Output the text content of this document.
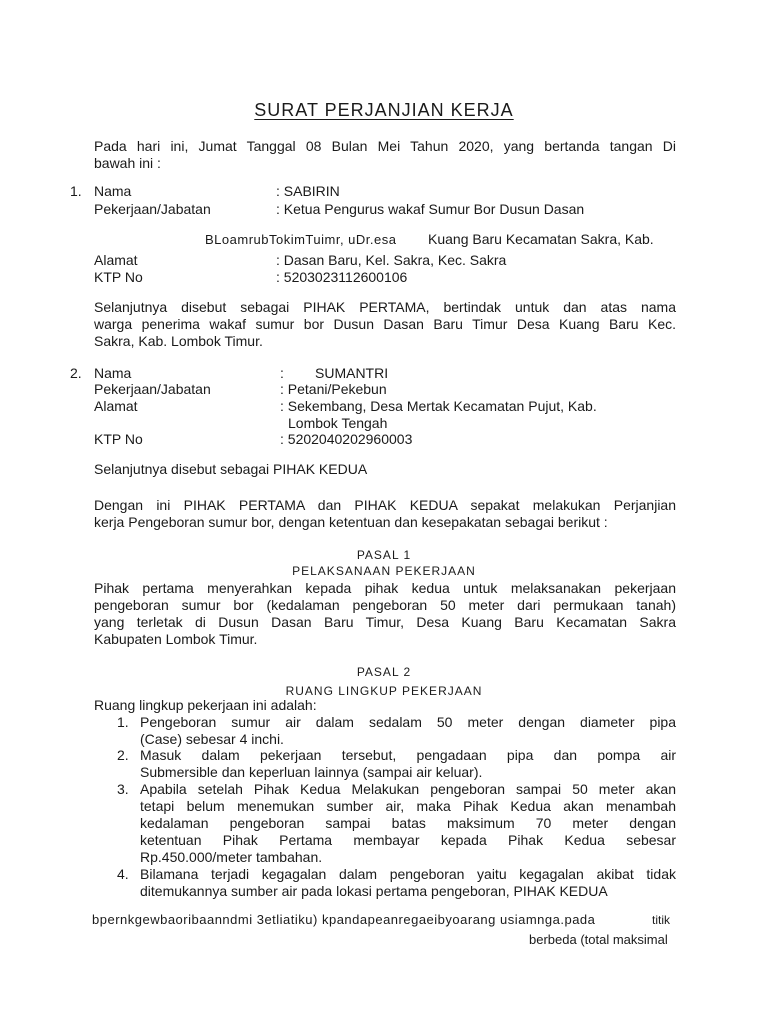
SURAT PERJANJIAN KERJA
Pada hari ini, Jumat Tanggal 08 Bulan Mei Tahun 2020, yang bertanda tangan Di
bawah ini :
1. Nama	: SABIRIN
Pekerjaan/Jabatan	: Ketua Pengurus wakaf Sumur Bor Dusun Dasan
BLoamrubTokimTuimr, uDr.esa Kuang Baru Kecamatan Sakra, Kab.
Alamat	: Dasan Baru, Kel. Sakra, Kec. Sakra
KTP No	: 5203023112600106
Selanjutnya disebut sebagai PIHAK PERTAMA, bertindak untuk dan atas nama
warga penerima wakaf sumur bor Dusun Dasan Baru Timur Desa Kuang Baru Kec.
Sakra, Kab. Lombok Timur.
2. Nama	: SUMANTRI
Pekerjaan/Jabatan	: Petani/Pekebun
Alamat	: Sekembang, Desa Mertak Kecamatan Pujut, Kab.
Lombok Tengah
KTP No	: 5202040202960003
Selanjutnya disebut sebagai PIHAK KEDUA
Dengan ini PIHAK PERTAMA dan PIHAK KEDUA sepakat melakukan Perjanjian
kerja Pengeboran sumur bor, dengan ketentuan dan kesepakatan sebagai berikut :
PASAL 1
PELAKSANAAN PEKERJAAN
Pihak pertama menyerahkan kepada pihak kedua untuk melaksanakan pekerjaan
pengeboran sumur bor (kedalaman pengeboran 50 meter dari permukaan tanah)
yang terletak di Dusun Dasan Baru Timur, Desa Kuang Baru Kecamatan Sakra
Kabupaten Lombok Timur.
PASAL 2
RUANG LINGKUP PEKERJAAN
Ruang lingkup pekerjaan ini adalah:
1. Pengeboran sumur air dalam sedalam 50 meter dengan diameter pipa
(Case) sebesar 4 inchi.
2. Masuk dalam pekerjaan tersebut, pengadaan pipa dan pompa air
Submersible dan keperluan lainnya (sampai air keluar).
3. Apabila setelah Pihak Kedua Melakukan pengeboran sampai 50 meter akan
tetapi belum menemukan sumber air, maka Pihak Kedua akan menambah
kedalaman pengeboran sampai batas maksimum 70 meter dengan
ketentuan Pihak Pertama membayar kepada Pihak Kedua sebesar
Rp.450.000/meter tambahan.
4. Bilamana terjadi kegagalan dalam pengeboran yaitu kegagalan akibat tidak
ditemukannya sumber air pada lokasi pertama pengeboran, PIHAK KEDUA
bpernkgewbaoribaanndmi 3etliatiku) kpandapeanregaeibyoarang usiamnga.pada	titik
berbeda (total maksimal
